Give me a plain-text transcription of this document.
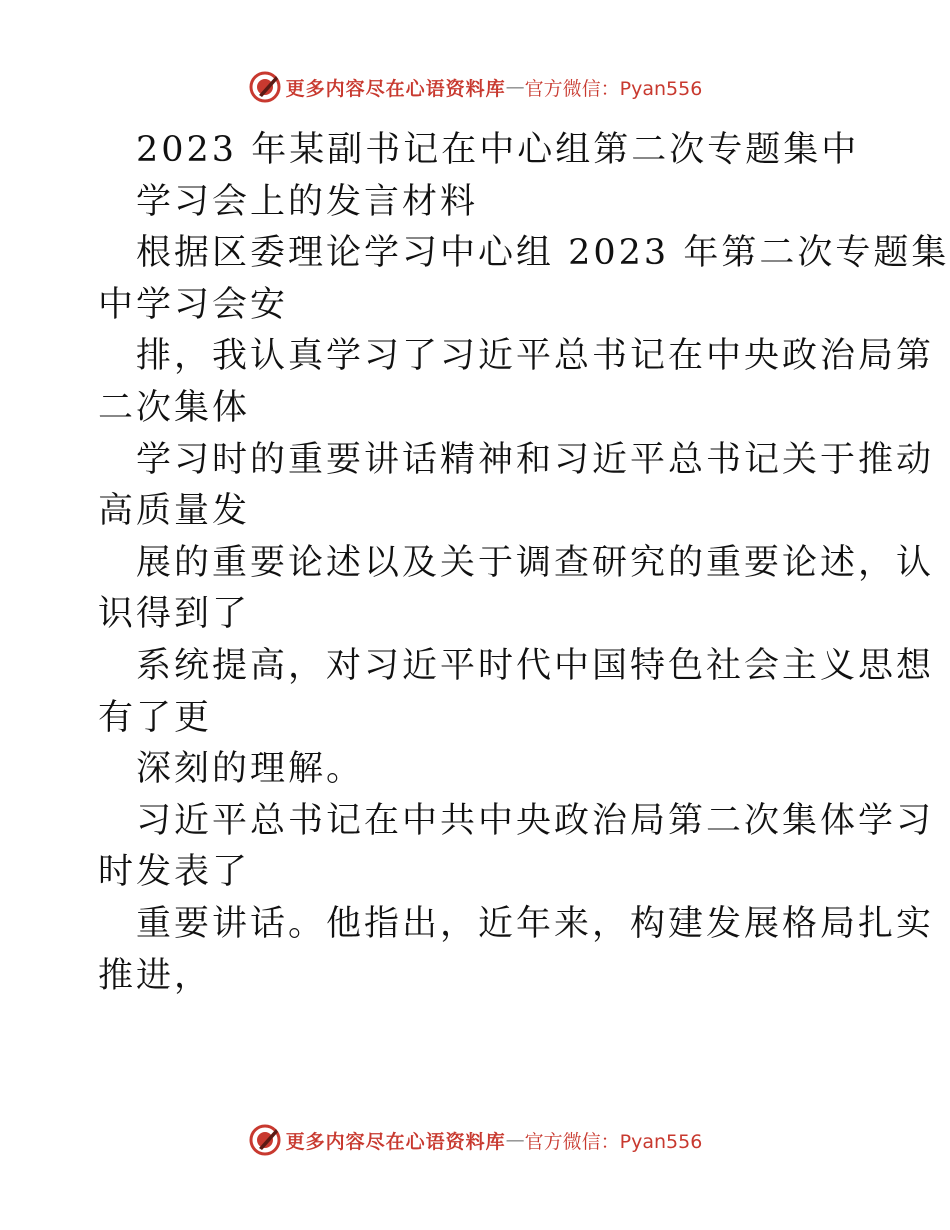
更多内容尽在心语资料库 — 官方微信：Pyan556
2023 年某副书记在中心组第二次专题集中
学习会上的发言材料
根据区委理论学习中心组 2023 年第二次专题集
中学习会安
排，我认真学习了习近平总书记在中央政治局第
二次集体
学习时的重要讲话精神和习近平总书记关于推动
高质量发
展的重要论述以及关于调查研究的重要论述，认
识得到了
系统提高，对习近平时代中国特色社会主义思想
有了更
深刻的理解。
习近平总书记在中共中央政治局第二次集体学习
时发表了
重要讲话。他指出，近年来，构建发展格局扎实
推进，
更多内容尽在心语资料库 — 官方微信：Pyan556
